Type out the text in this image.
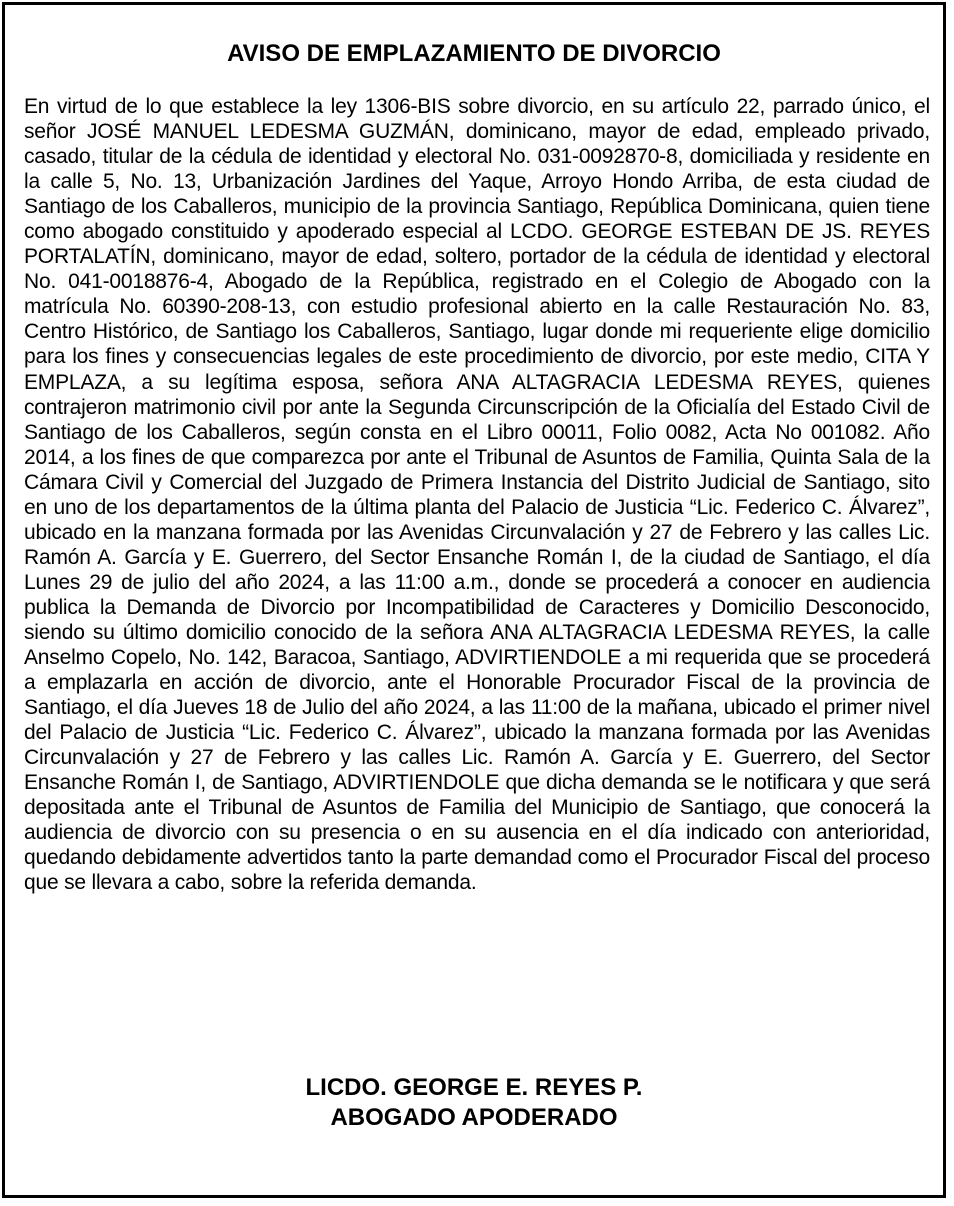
AVISO DE EMPLAZAMIENTO DE DIVORCIO

En virtud de lo que establece la ley 1306-BIS sobre divorcio, en su artículo 22, parrado único, el señor JOSÉ MANUEL LEDESMA GUZMÁN, dominicano, mayor de edad, empleado privado, casado, titular de la cédula de identidad y electoral No. 031-0092870-8, domiciliada y residente en la calle 5, No. 13, Urbanización Jardines del Yaque, Arroyo Hondo Arriba, de esta ciudad de Santiago de los Caballeros, municipio de la provincia Santiago, República Dominicana, quien tiene como abogado constituido y apoderado especial al LCDO. GEORGE ESTEBAN DE JS. REYES PORTALATÍN, dominicano, mayor de edad, soltero, portador de la cédula de identidad y electoral No. 041-0018876-4, Abogado de la República, registrado en el Colegio de Abogado con la matrícula No. 60390-208-13, con estudio profesional abierto en la calle Restauración No. 83, Centro Histórico, de Santiago los Caballeros, Santiago, lugar donde mi requeriente elige domicilio para los fines y consecuencias legales de este procedimiento de divorcio, por este medio, CITA Y EMPLAZA, a su legítima esposa, señora ANA ALTAGRACIA LEDESMA REYES, quienes contrajeron matrimonio civil por ante la Segunda Circunscripción de la Oficialía del Estado Civil de Santiago de los Caballeros, según consta en el Libro 00011, Folio 0082, Acta No 001082. Año 2014, a los fines de que comparezca por ante el Tribunal de Asuntos de Familia, Quinta Sala de la Cámara Civil y Comercial del Juzgado de Primera Instancia del Distrito Judicial de Santiago, sito en uno de los departamentos de la última planta del Palacio de Justicia “Lic. Federico C. Álvarez”, ubicado en la manzana formada por las Avenidas Circunvalación y 27 de Febrero y las calles Lic. Ramón A. García y E. Guerrero, del Sector Ensanche Román I, de la ciudad de Santiago, el día Lunes 29 de julio del año 2024, a las 11:00 a.m., donde se procederá a conocer en audiencia publica la Demanda de Divorcio por Incompatibilidad de Caracteres y Domicilio Desconocido, siendo su último domicilio conocido de la señora ANA ALTAGRACIA LEDESMA REYES, la calle Anselmo Copelo, No. 142, Baracoa, Santiago, ADVIRTIENDOLE a mi requerida que se procederá a emplazarla en acción de divorcio, ante el Honorable Procurador Fiscal de la provincia de Santiago, el día Jueves 18 de Julio del año 2024, a las 11:00 de la mañana, ubicado el primer nivel del Palacio de Justicia “Lic. Federico C. Álvarez”, ubicado la manzana formada por las Avenidas Circunvalación y 27 de Febrero y las calles Lic. Ramón A. García y E. Guerrero, del Sector Ensanche Román I, de Santiago, ADVIRTIENDOLE que dicha demanda se le notificara y que será depositada ante el Tribunal de Asuntos de Familia del Municipio de Santiago, que conocerá la audiencia de divorcio con su presencia o en su ausencia en el día indicado con anterioridad, quedando debidamente advertidos tanto la parte demandad como el Procurador Fiscal del proceso que se llevara a cabo, sobre la referida demanda.

LICDO. GEORGE E. REYES P.
ABOGADO APODERADO
